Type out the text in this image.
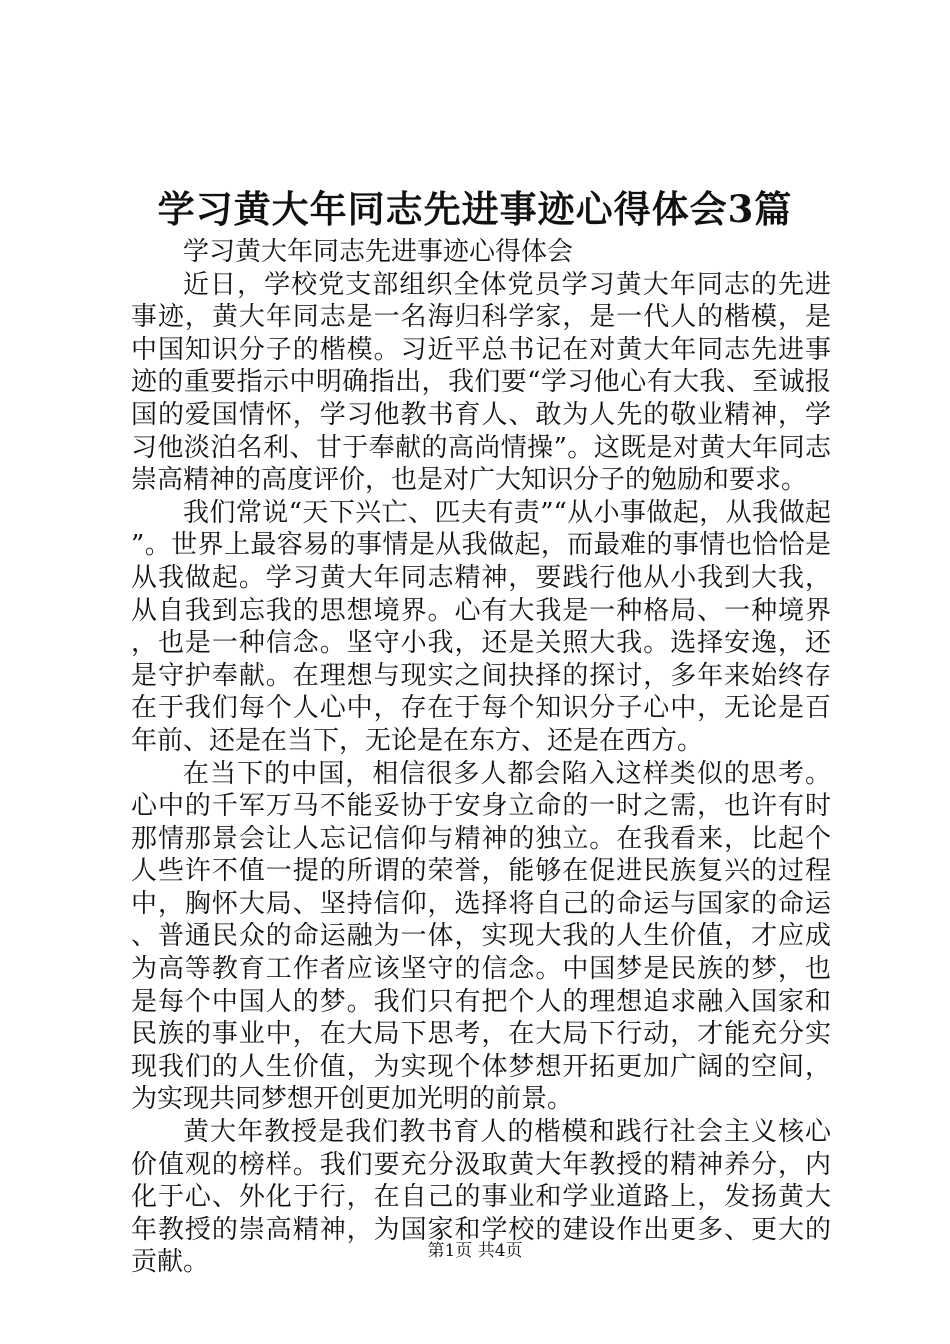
学习黄大年同志先进事迹心得体会3篇

学习黄大年同志先进事迹心得体会

近日，学校党支部组织全体党员学习黄大年同志的先进事迹，黄大年同志是一名海归科学家，是一代人的楷模，是中国知识分子的楷模。习近平总书记在对黄大年同志先进事迹的重要指示中明确指出，我们要“学习他心有大我、至诚报国的爱国情怀，学习他教书育人、敢为人先的敬业精神，学习他淡泊名利、甘于奉献的高尚情操”。这既是对黄大年同志崇高精神的高度评价，也是对广大知识分子的勉励和要求。

我们常说“天下兴亡、匹夫有责”“从小事做起，从我做起”。世界上最容易的事情是从我做起，而最难的事情也恰恰是从我做起。学习黄大年同志精神，要践行他从小我到大我，从自我到忘我的思想境界。心有大我是一种格局、一种境界，也是一种信念。坚守小我，还是关照大我。选择安逸，还是守护奉献。在理想与现实之间抉择的探讨，多年来始终存在于我们每个人心中，存在于每个知识分子心中，无论是百年前、还是在当下，无论是在东方、还是在西方。

在当下的中国，相信很多人都会陷入这样类似的思考。心中的千军万马不能妥协于安身立命的一时之需，也许有时那情那景会让人忘记信仰与精神的独立。在我看来，比起个人些许不值一提的所谓的荣誉，能够在促进民族复兴的过程中，胸怀大局、坚持信仰，选择将自己的命运与国家的命运、普通民众的命运融为一体，实现大我的人生价值，才应成为高等教育工作者应该坚守的信念。中国梦是民族的梦，也是每个中国人的梦。我们只有把个人的理想追求融入国家和民族的事业中，在大局下思考，在大局下行动，才能充分实现我们的人生价值，为实现个体梦想开拓更加广阔的空间，为实现共同梦想开创更加光明的前景。

黄大年教授是我们教书育人的楷模和践行社会主义核心价值观的榜样。我们要充分汲取黄大年教授的精神养分，内化于心、外化于行，在自己的事业和学业道路上，发扬黄大年教授的崇高精神，为国家和学校的建设作出更多、更大的贡献。	第1页 共4页
